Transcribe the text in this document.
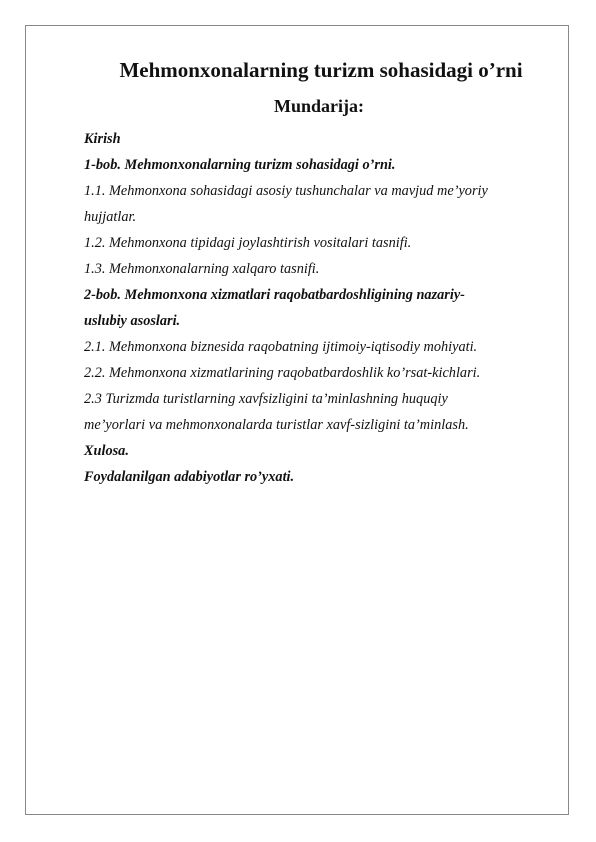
Mehmonxonalarning turizm sohasidagi o’rni
Mundarija:
Kirish
1-bob. Mehmonxonalarning turizm sohasidagi o’rni.
1.1. Mehmonxona sohasidagi asosiy tushunchalar va mavjud me’yoriy
hujjatlar.
1.2. Mehmonxona tipidagi joylashtirish vositalari tasnifi.
1.3. Mehmonxonalarning xalqaro tasnifi.
2-bob. Mehmonxona xizmatlari raqobatbardoshligining nazariy-
uslubiy asoslari.
2.1. Mehmonxona biznesida raqobatning ijtimoiy-iqtisodiy mohiyati.
2.2. Mehmonxona xizmatlarining raqobatbardoshlik ko’rsat-kichlari.
2.3 Turizmda turistlarning xavfsizligini ta’minlashning huquqiy
me’yorlari va mehmonxonalarda turistlar xavf-sizligini ta’minlash.
Xulosa.
Foydalanilgan adabiyotlar ro’yxati.
